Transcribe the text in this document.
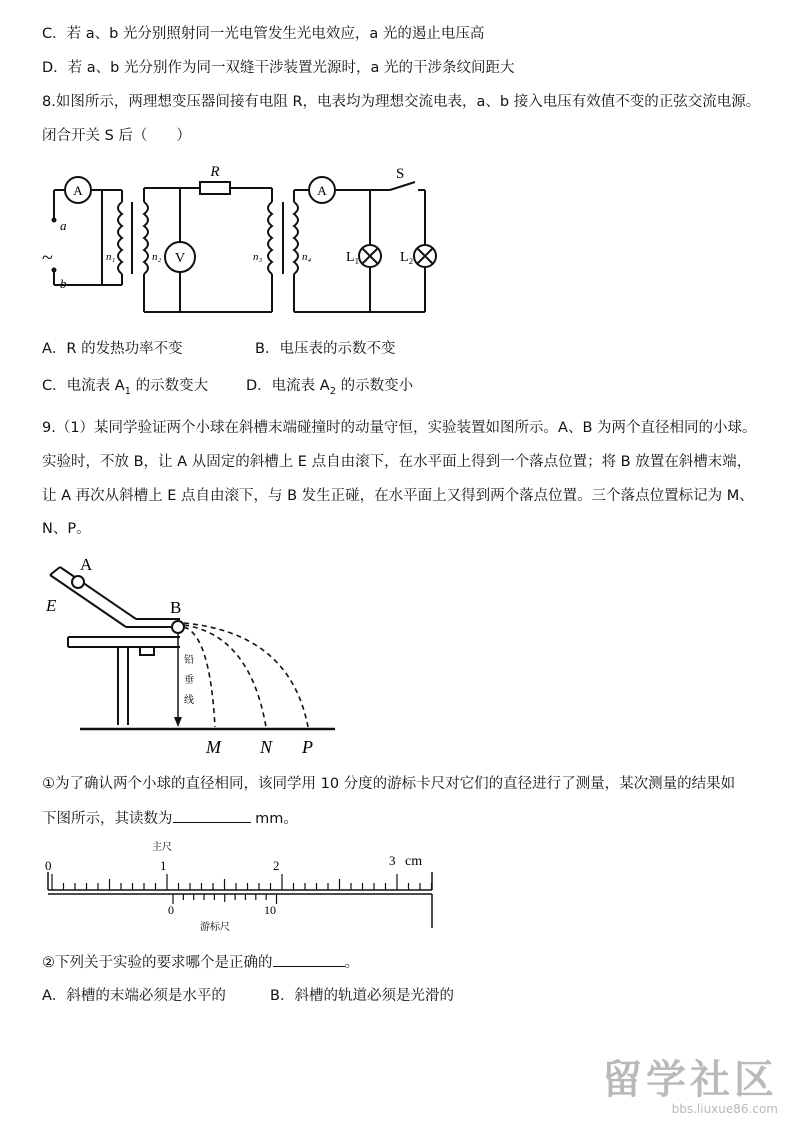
C．若 a、b 光分别照射同一光电管发生光电效应，a 光的遏止电压高
D．若 a、b 光分别作为同一双缝干涉装置光源时，a 光的干涉条纹间距大
8.如图所示，两理想变压器间接有电阻 R，电表均为理想交流电表，a、b 接入电压有效值不变的正弦交流电源。
闭合开关 S 后（　　）
A
V
A
R	S
a
b
~	n₁	n₂	n₃	n₄ L₁	L₂
A．R 的发热功率不变	B．电压表的示数不变
C．电流表 $A_1$ 的示数变大	D．电流表 $A_2$ 的示数变小
9.（1）某同学验证两个小球在斜槽末端碰撞时的动量守恒，实验装置如图所示。A、B 为两个直径相同的小球。
实验时，不放 B，让 A 从固定的斜槽上 E 点自由滚下，在水平面上得到一个落点位置；将 B 放置在斜槽末端，
让 A 再次从斜槽上 E 点自由滚下，与 B 发生正碰，在水平面上又得到两个落点位置。三个落点位置标记为 M、
N、P。
A
E	B
M N P
铅
垂
线
①为了确认两个小球的直径相同，该同学用 10 分度的游标卡尺对它们的直径进行了测量，某次测量的结果如
下图所示，其读数为	mm。
主尺
0	1	2	3 cm
0	10
游标尺
②下列关于实验的要求哪个是正确的	。
A．斜槽的末端必须是水平的	B．斜槽的轨道必须是光滑的
留学社区
bbs.liuxue86.com
